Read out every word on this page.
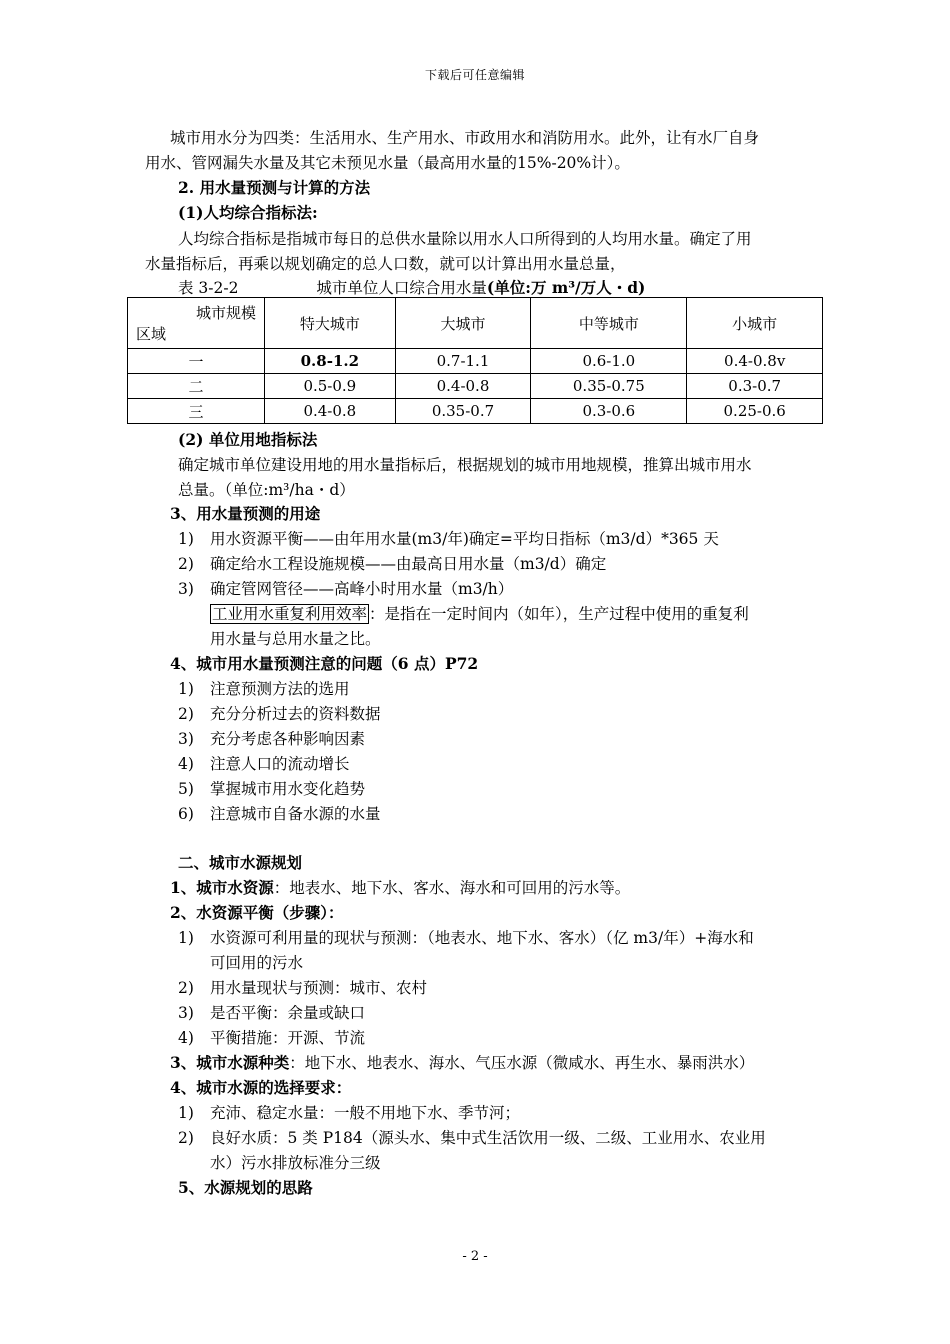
下载后可任意编辑
城市用水分为四类：生活用水、生产用水、市政用水和消防用水。此外，让有水厂自身
用水、管网漏失水量及其它未预见水量（最高用水量的15%-20%计）。
2. 用水量预测与计算的方法
(1)人均综合指标法:
人均综合指标是指城市每日的总供水量除以用水人口所得到的人均用水量。确定了用
水量指标后，再乘以规划确定的总人口数，就可以计算出用水量总量，
表 3-2-2	城市单位人口综合用水量(单位:万 m³/万人・d)
城市规模
区域	特大城市	大城市	中等城市	小城市
一	0.8-1.2	0.7-1.1	0.6-1.0	0.4-0.8v
二	0.5-0.9	0.4-0.8	0.35-0.75	0.3-0.7
三	0.4-0.8	0.35-0.7	0.3-0.6	0.25-0.6
(2) 单位用地指标法
确定城市单位建设用地的用水量指标后，根据规划的城市用地规模，推算出城市用水
总量。（单位:m³/ha・d）
3、用水量预测的用途
1) 用水资源平衡——由年用水量(m3/年)确定=平均日指标（m3/d）*365 天
2) 确定给水工程设施规模——由最高日用水量（m3/d）确定
3) 确定管网管径——高峰小时用水量（m3/h）
工业用水重复利用效率 ：是指在一定时间内（如年），生产过程中使用的重复利
用水量与总用水量之比。
4、城市用水量预测注意的问题（6 点）P72
1) 注意预测方法的选用
2) 充分分析过去的资料数据
3) 充分考虑各种影响因素
4) 注意人口的流动增长
5) 掌握城市用水变化趋势
6) 注意城市自备水源的水量
二、城市水源规划
1、城市水资源：地表水、地下水、客水、海水和可回用的污水等。
2、水资源平衡（步骤）：
1) 水资源可利用量的现状与预测：（地表水、地下水、客水）（亿 m3/年）+海水和
可回用的污水
2) 用水量现状与预测：城市、农村
3) 是否平衡：余量或缺口
4) 平衡措施：开源、节流
3、城市水源种类：地下水、地表水、海水、气压水源（微咸水、再生水、暴雨洪水）
4、城市水源的选择要求：
1) 充沛、稳定水量：一般不用地下水、季节河；
2) 良好水质：5 类 P184（源头水、集中式生活饮用一级、二级、工业用水、农业用
水）污水排放标准分三级
5、水源规划的思路
- 2 -
